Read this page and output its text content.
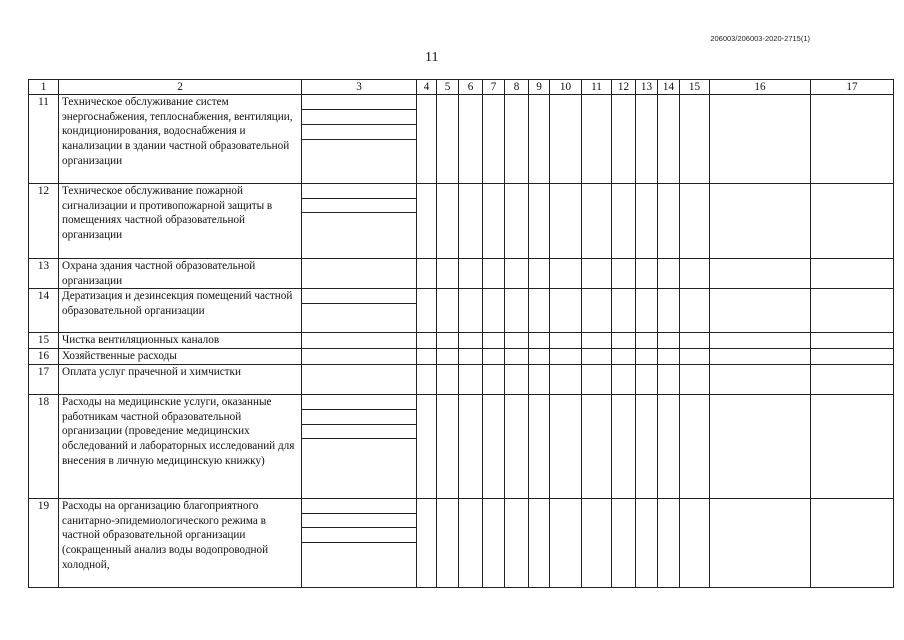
206003/206003-2020-2715(1)
11
1	2	3	4	5	6	7	8	9	10	11	12	13	14	15	16	17
11	Техническое обслуживание систем энергоснабжения, теплоснабжения, вентиляции, кондиционирования, водоснабжения и канализации в здании частной образовательной организации	

12	Техническое обслуживание пожарной сигнализации и противопожарной защиты в помещениях частной образовательной организации	

13	Охрана здания частной образовательной организации															
14	Дератизация и дезинсекция помещений частной образовательной организации	

15	Чистка вентиляционных каналов															
16	Хозяйственные расходы															
17	Оплата услуг прачечной и химчистки															
18	Расходы на медицинские услуги, оказанные работникам частной образовательной организации (проведение медицинских обследований и лабораторных исследований для внесения в личную медицинскую книжку)	

19	Расходы на организацию благоприятного санитарно-эпидемиологического режима в частной образовательной организации (сокращенный анализ воды водопроводной холодной,	
